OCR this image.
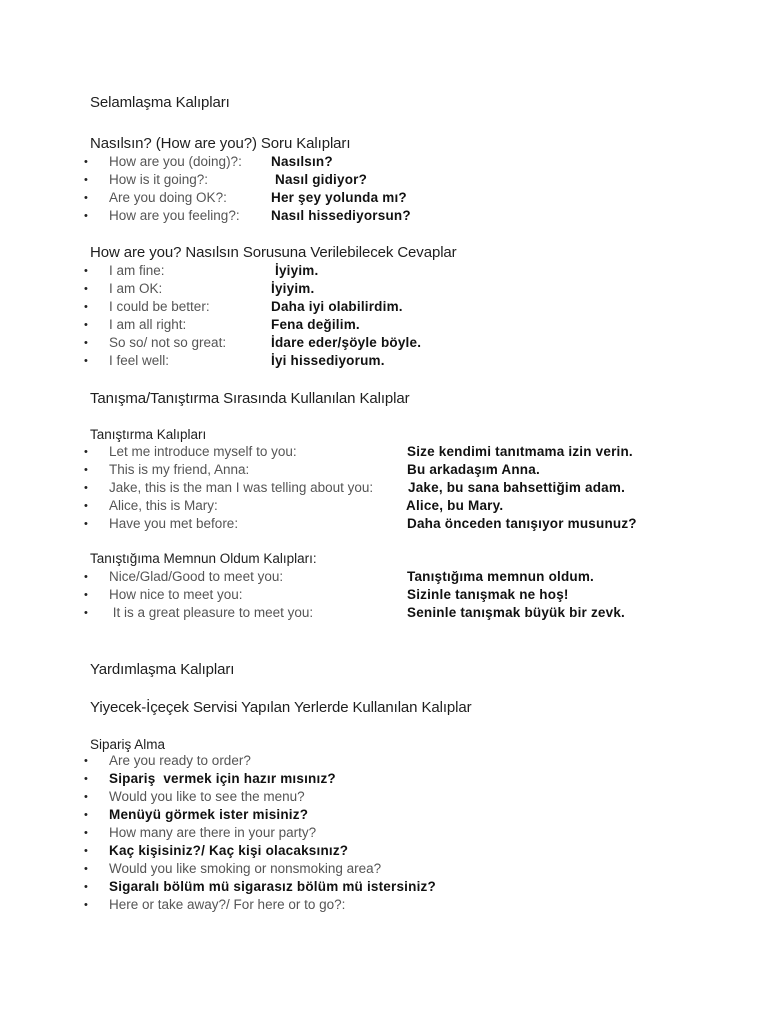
Selamlaşma Kalıpları
Nasılsın? (How are you?) Soru Kalıpları
•	How are you (doing)?: Nasılsın?
•	How is it going?:	Nasıl gidiyor?
•	Are you doing OK?:	Her şey yolunda mı?
•	How are you feeling?: Nasıl hissediyorsun?
How are you? Nasılsın Sorusuna Verilebilecek Cevaplar
•	I am fine:	İyiyim.
•	I am OK:	İyiyim.
•	I could be better:	Daha iyi olabilirdim.
•	I am all right:	Fena değilim.
•	So so/ not so great:	İdare eder/şöyle böyle.
•	I feel well:	İyi hissediyorum.
Tanışma/Tanıştırma Sırasında Kullanılan Kalıplar
Tanıştırma Kalıpları
•	Let me introduce myself to you:	Size kendimi tanıtmama izin verin.
•	This is my friend, Anna:	Bu arkadaşım Anna.
•	Jake, this is the man I was telling about you:	Jake, bu sana bahsettiğim adam.
•	Alice, this is Mary:	Alice, bu Mary.
•	Have you met before:	Daha önceden tanışıyor musunuz?
Tanıştığıma Memnun Oldum Kalıpları:
•	Nice/Glad/Good to meet you:	Tanıştığıma memnun oldum.
•	How nice to meet you:	Sizinle tanışmak ne hoş!
•	It is a great pleasure to meet you:	Seninle tanışmak büyük bir zevk.
Yardımlaşma Kalıpları
Yiyecek-İçeçek Servisi Yapılan Yerlerde Kullanılan Kalıplar
Sipariş Alma
•	Are you ready to order?
•	Sipariş  vermek için hazır mısınız?
•	Would you like to see the menu?
•	Menüyü görmek ister misiniz?
•	How many are there in your party?
•	Kaç kişisiniz?/ Kaç kişi olacaksınız?
•	Would you like smoking or nonsmoking area?
•	Sigaralı bölüm mü sigarasız bölüm mü istersiniz?
•	Here or take away?/ For here or to go?:
